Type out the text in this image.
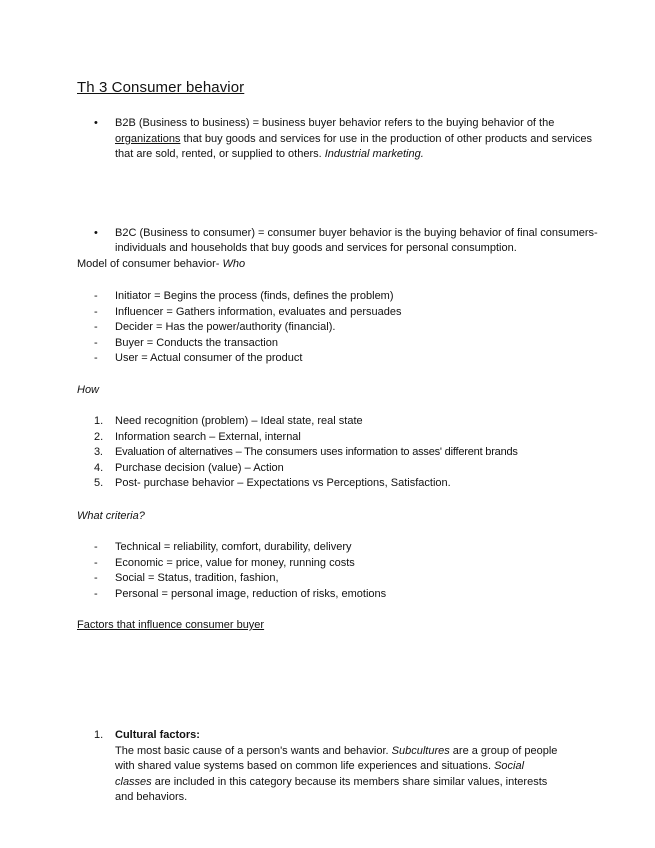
Th 3 Consumer behavior
• B2B (Business to business) = business buyer behavior refers to the buying behavior of the organizations that buy goods and services for use in the production of other products and services that are sold, rented, or supplied to others. Industrial marketing.

• B2C (Business to consumer) = consumer buyer behavior is the buying behavior of final consumers- individuals and households that buy goods and services for personal consumption.

Model of consumer behavior- Who

- Initiator = Begins the process (finds, defines the problem)
- Influencer = Gathers information, evaluates and persuades
- Decider = Has the power/authority (financial).
- Buyer = Conducts the transaction
- User = Actual consumer of the product

How

1. Need recognition (problem) – Ideal state, real state
2. Information search – External, internal
3. Evaluation of alternatives – The consumers uses information to asses' different brands
4. Purchase decision (value) – Action
5. Post- purchase behavior – Expectations vs Perceptions, Satisfaction.

What criteria?

- Technical = reliability, comfort, durability, delivery
- Economic = price, value for money, running costs
- Social = Status, tradition, fashion,
- Personal = personal image, reduction of risks, emotions

Factors that influence consumer buyer

1. Cultural factors:

The most basic cause of a person's wants and behavior. Subcultures are a group of people with shared value systems based on common life experiences and situations. Social classes are included in this category because its members share similar values, interests and behaviors.
